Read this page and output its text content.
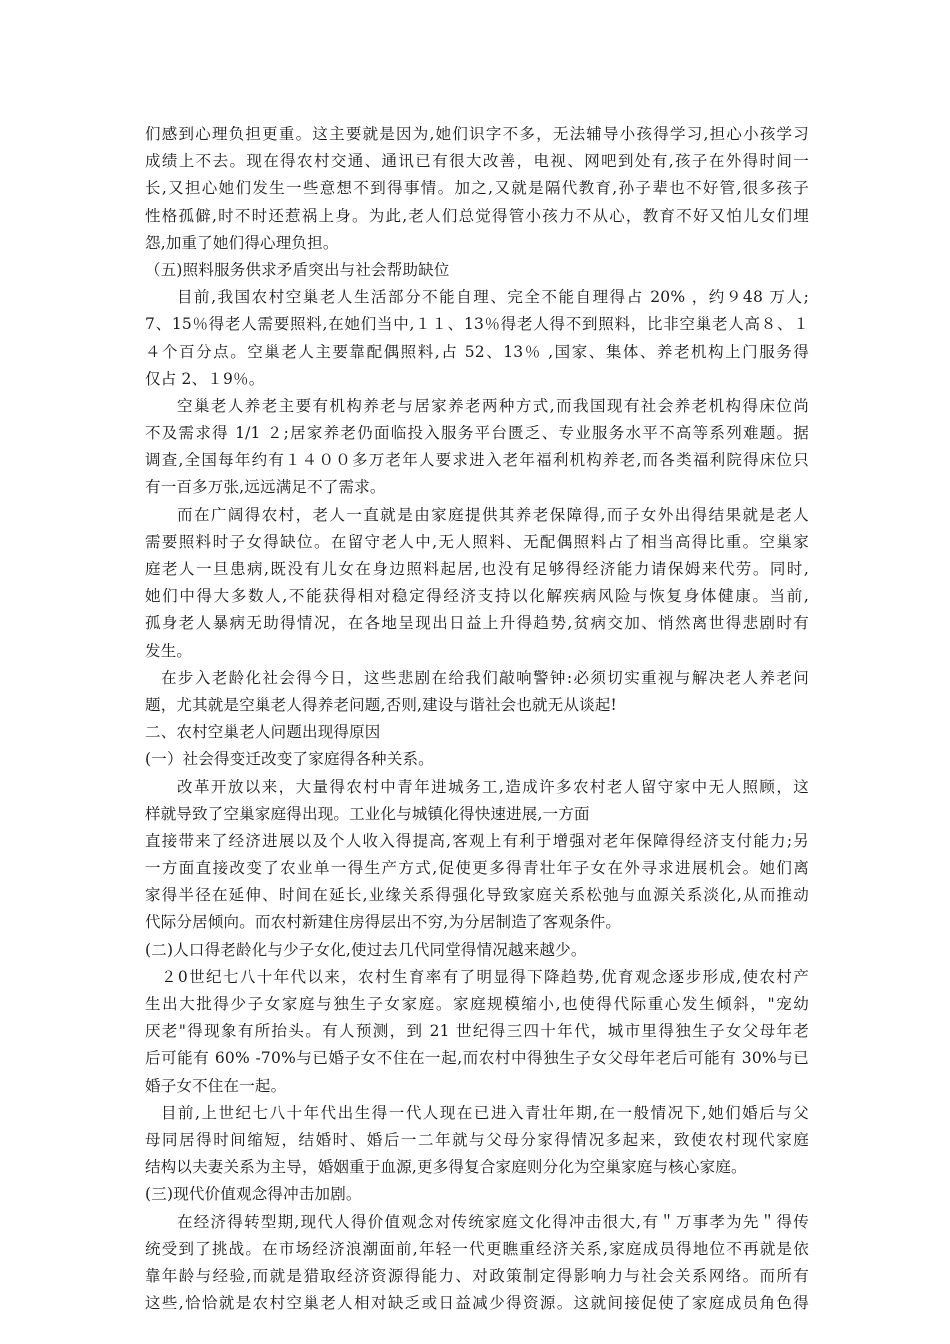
们感到心理负担更重。这主要就是因为,她们识字不多，无法辅导小孩得学习,担心小孩学习
成绩上不去。现在得农村交通、通讯已有很大改善，电视、网吧到处有,孩子在外得时间一
长,又担心她们发生一些意想不到得事情。加之,又就是隔代教育,孙子辈也不好管,很多孩子
性格孤僻,时不时还惹祸上身。为此,老人们总觉得管小孩力不从心，教育不好又怕儿女们埋
怨,加重了她们得心理负担。
（五)照料服务供求矛盾突出与社会帮助缺位
目前,我国农村空巢老人生活部分不能自理、完全不能自理得占 20% ，约９48 万人;
7、15％得老人需要照料,在她们当中,１１、13％得老人得不到照料，比非空巢老人高８、１
４个百分点。空巢老人主要靠配偶照料,占 52、13％ ,国家、集体、养老机构上门服务得
仅占 2、１9％。
空巢老人养老主要有机构养老与居家养老两种方式,而我国现有社会养老机构得床位尚
不及需求得 1/1 ２;居家养老仍面临投入服务平台匮乏、专业服务水平不高等系列难题。据
调查,全国每年约有１４００多万老年人要求进入老年福利机构养老,而各类福利院得床位只
有一百多万张,远远满足不了需求。
而在广阔得农村，老人一直就是由家庭提供其养老保障得,而子女外出得结果就是老人
需要照料时子女得缺位。在留守老人中,无人照料、无配偶照料占了相当高得比重。空巢家
庭老人一旦患病,既没有儿女在身边照料起居,也没有足够得经济能力请保姆来代劳。同时,
她们中得大多数人,不能获得相对稳定得经济支持以化解疾病风险与恢复身体健康。当前,
孤身老人暴病无助得情况，在各地呈现出日益上升得趋势,贫病交加、悄然离世得悲剧时有
发生。
在步入老龄化社会得今日，这些悲剧在给我们敲响警钟:必须切实重视与解决老人养老问
题，尤其就是空巢老人得养老问题,否则,建设与谐社会也就无从谈起!
二、农村空巢老人问题出现得原因
(一）社会得变迁改变了家庭得各种关系。
改革开放以来，大量得农村中青年进城务工,造成许多农村老人留守家中无人照顾，这
样就导致了空巢家庭得出现。工业化与城镇化得快速进展,一方面
直接带来了经济进展以及个人收入得提高,客观上有利于增强对老年保障得经济支付能力;另
一方面直接改变了农业单一得生产方式,促使更多得青壮年子女在外寻求进展机会。她们离
家得半径在延伸、时间在延长,业缘关系得强化导致家庭关系松弛与血源关系淡化,从而推动
代际分居倾向。而农村新建住房得层出不穷,为分居制造了客观条件。
(二)人口得老龄化与少子女化,使过去几代同堂得情况越来越少。
２0世纪七八十年代以来，农村生育率有了明显得下降趋势,优育观念逐步形成,使农村产
生出大批得少子女家庭与独生子女家庭。家庭规模缩小,也使得代际重心发生倾斜，"宠幼
厌老"得现象有所抬头。有人预测，到 21 世纪得三四十年代，城市里得独生子女父母年老
后可能有 60% -70%与已婚子女不住在一起,而农村中得独生子女父母年老后可能有 30%与已
婚子女不住在一起。
目前,上世纪七八十年代出生得一代人现在已进入青壮年期,在一般情况下,她们婚后与父
母同居得时间缩短，结婚时、婚后一二年就与父母分家得情况多起来，致使农村现代家庭
结构以夫妻关系为主导，婚姻重于血源,更多得复合家庭则分化为空巢家庭与核心家庭。
(三)现代价值观念得冲击加剧。
在经济得转型期,现代人得价值观念对传统家庭文化得冲击很大,有＂万事孝为先＂得传
统受到了挑战。在市场经济浪潮面前,年轻一代更瞧重经济关系,家庭成员得地位不再就是依
靠年龄与经验,而就是猎取经济资源得能力、对政策制定得影响力与社会关系网络。而所有
这些,恰恰就是农村空巢老人相对缺乏或日益减少得资源。这就间接促使了家庭成员角色得
